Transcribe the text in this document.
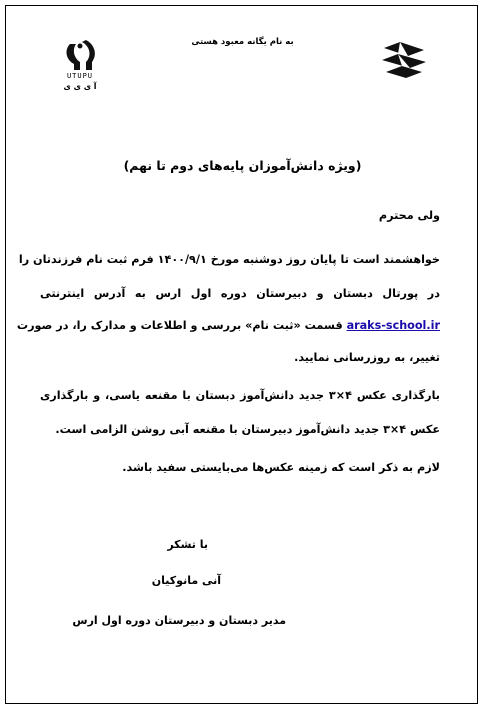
به نام یگانه معبود هستی
UTUPU
آ ی ی ی
(ویژه دانش‌آموزان پایه‌های دوم تا نهم)
ولی محترم
خواهشمند است تا پایان روز دوشنبه مورخ ۱۴۰۰/۹/۱ فرم ثبت نام فرزندتان را
در پورتال دبستان و دبیرستان دوره اول ارس به آدرس اینترنتی
araks-school.ir قسمت «ثبت نام» بررسی و اطلاعات و مدارک را، در صورت
تغییر، به روزرسانی نمایید.
بارگذاری عکس ۴×۳ جدید دانش‌آموز دبستان با مقنعه یاسی، و بارگذاری
عکس ۴×۳ جدید دانش‌آموز دبیرستان با مقنعه آبی روشن الزامی است.
لازم به ذکر است که زمینه عکس‌ها می‌بایستی سفید باشد.
با تشکر
آنی مانوکیان
مدیر دبستان و دبیرستان دوره اول ارس
